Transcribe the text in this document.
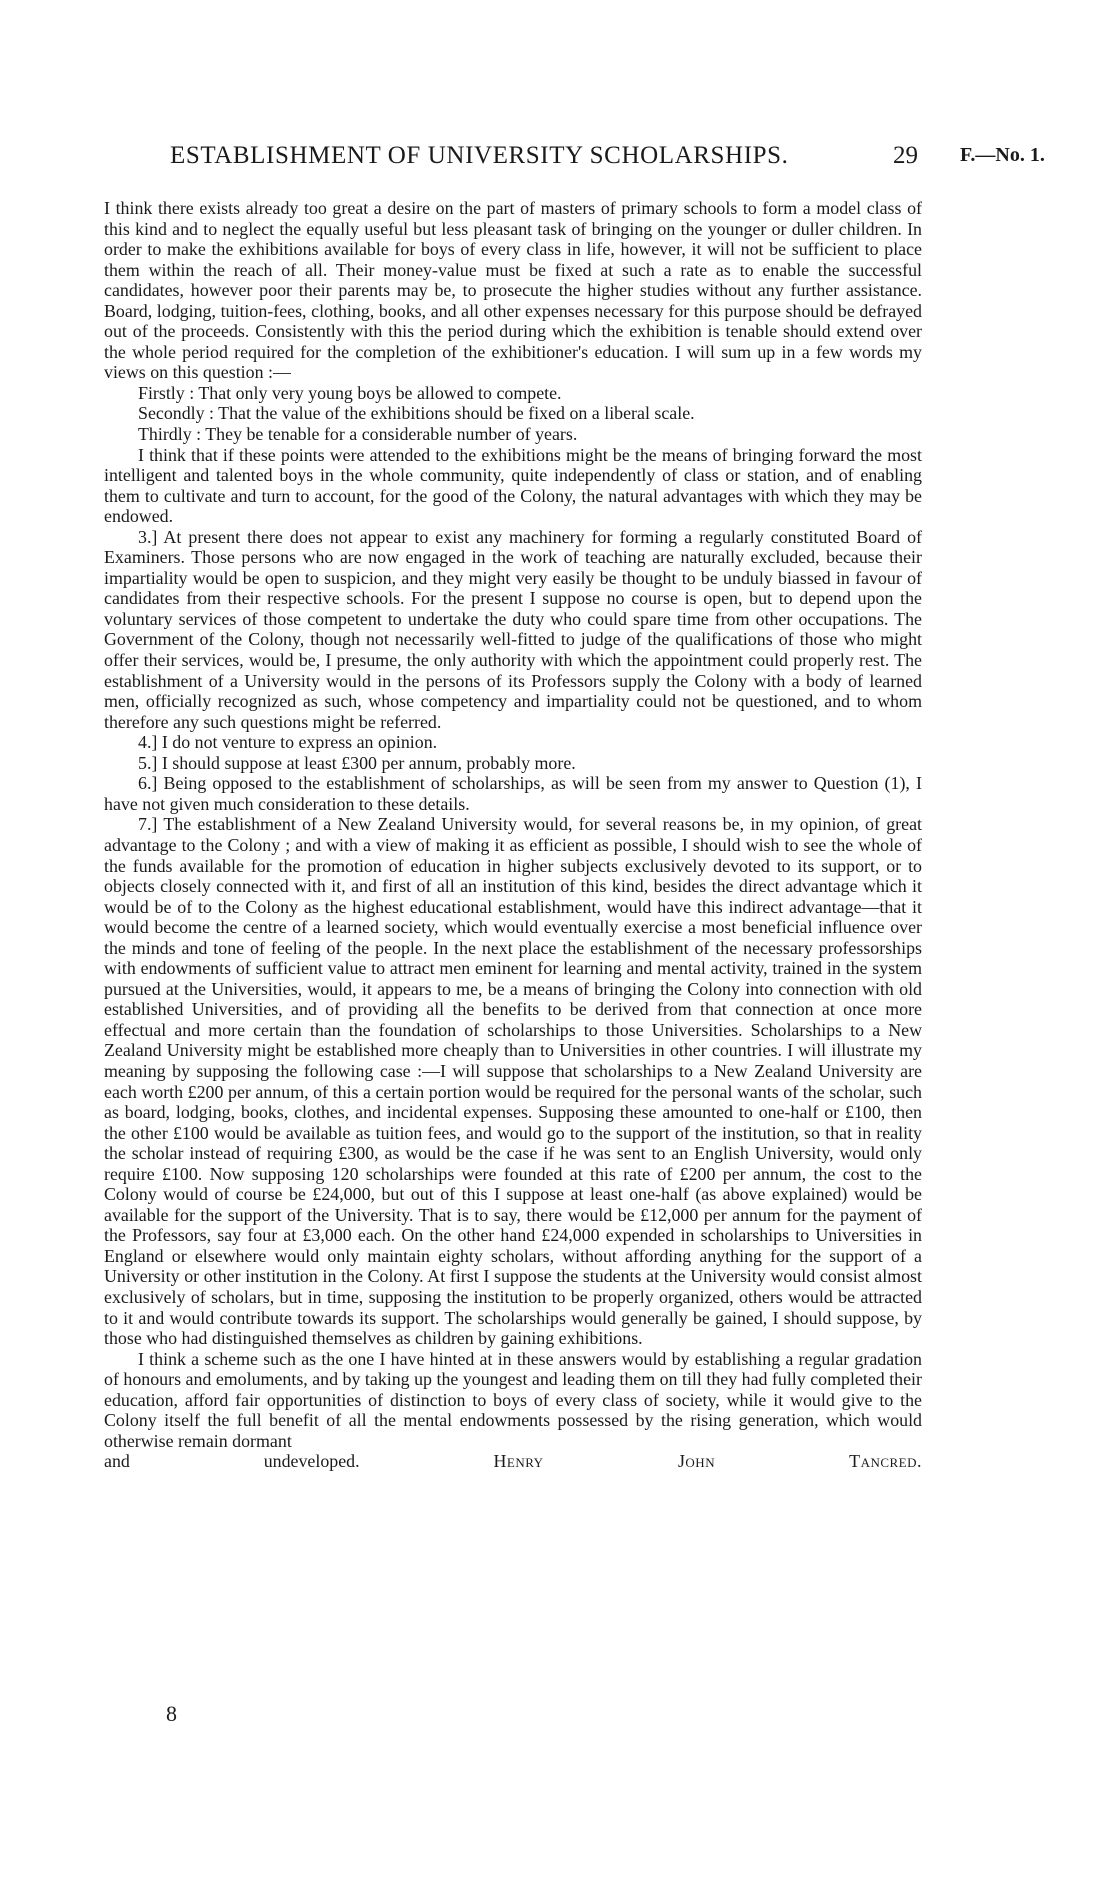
ESTABLISHMENT OF UNIVERSITY SCHOLARSHIPS.	29 F.—No. 1.

I think there exists already too great a desire on the part of masters of primary schools to form a model class of this kind and to neglect the equally useful but less pleasant task of bringing on the younger or duller children. In order to make the exhibitions available for boys of every class in life, however, it will not be sufficient to place them within the reach of all. Their money-value must be fixed at such a rate as to enable the successful candidates, however poor their parents may be, to prosecute the higher studies without any further assistance. Board, lodging, tuition-fees, clothing, books, and all other expenses necessary for this purpose should be defrayed out of the proceeds. Consistently with this the period during which the exhibition is tenable should extend over the whole period required for the completion of the exhibitioner's education. I will sum up in a few words my views on this question :—

Firstly : That only very young boys be allowed to compete.

Secondly : That the value of the exhibitions should be fixed on a liberal scale.

Thirdly : They be tenable for a considerable number of years.

I think that if these points were attended to the exhibitions might be the means of bringing forward the most intelligent and talented boys in the whole community, quite independently of class or station, and of enabling them to cultivate and turn to account, for the good of the Colony, the natural advantages with which they may be endowed.

3.] At present there does not appear to exist any machinery for forming a regularly constituted Board of Examiners. Those persons who are now engaged in the work of teaching are naturally excluded, because their impartiality would be open to suspicion, and they might very easily be thought to be unduly biassed in favour of candidates from their respective schools. For the present I suppose no course is open, but to depend upon the voluntary services of those competent to undertake the duty who could spare time from other occupations. The Government of the Colony, though not necessarily well-fitted to judge of the qualifications of those who might offer their services, would be, I presume, the only authority with which the appointment could properly rest. The establishment of a University would in the persons of its Professors supply the Colony with a body of learned men, officially recognized as such, whose competency and impartiality could not be questioned, and to whom therefore any such questions might be referred.

4.] I do not venture to express an opinion.

5.] I should suppose at least £300 per annum, probably more.

6.] Being opposed to the establishment of scholarships, as will be seen from my answer to Question (1), I have not given much consideration to these details.

7.] The establishment of a New Zealand University would, for several reasons be, in my opinion, of great advantage to the Colony ; and with a view of making it as efficient as possible, I should wish to see the whole of the funds available for the promotion of education in higher subjects exclusively devoted to its support, or to objects closely connected with it, and first of all an institution of this kind, besides the direct advantage which it would be of to the Colony as the highest educational establishment, would have this indirect advantage—that it would become the centre of a learned society, which would eventually exercise a most beneficial influence over the minds and tone of feeling of the people. In the next place the establishment of the necessary professorships with endowments of sufficient value to attract men eminent for learning and mental activity, trained in the system pursued at the Universities, would, it appears to me, be a means of bringing the Colony into connection with old established Universities, and of providing all the benefits to be derived from that connection at once more effectual and more certain than the foundation of scholarships to those Universities. Scholarships to a New Zealand University might be established more cheaply than to Universities in other countries. I will illustrate my meaning by supposing the following case :—I will suppose that scholarships to a New Zealand University are each worth £200 per annum, of this a certain portion would be required for the personal wants of the scholar, such as board, lodging, books, clothes, and incidental expenses. Supposing these amounted to one-half or £100, then the other £100 would be available as tuition fees, and would go to the support of the institution, so that in reality the scholar instead of requiring £300, as would be the case if he was sent to an English University, would only require £100. Now supposing 120 scholarships were founded at this rate of £200 per annum, the cost to the Colony would of course be £24,000, but out of this I suppose at least one-half (as above explained) would be available for the support of the University. That is to say, there would be £12,000 per annum for the payment of the Professors, say four at £3,000 each. On the other hand £24,000 expended in scholarships to Universities in England or elsewhere would only maintain eighty scholars, without affording anything for the support of a University or other institution in the Colony. At first I suppose the students at the University would consist almost exclusively of scholars, but in time, supposing the institution to be properly organized, others would be attracted to it and would contribute towards its support. The scholarships would generally be gained, I should suppose, by those who had distinguished themselves as children by gaining exhibitions.

I think a scheme such as the one I have hinted at in these answers would by establishing a regular gradation of honours and emoluments, and by taking up the youngest and leading them on till they had fully completed their education, afford fair opportunities of distinction to boys of every class of society, while it would give to the Colony itself the full benefit of all the mental endowments possessed by the rising generation, which would otherwise remain dormant

and undeveloped.	Henry John Tancred.

8
